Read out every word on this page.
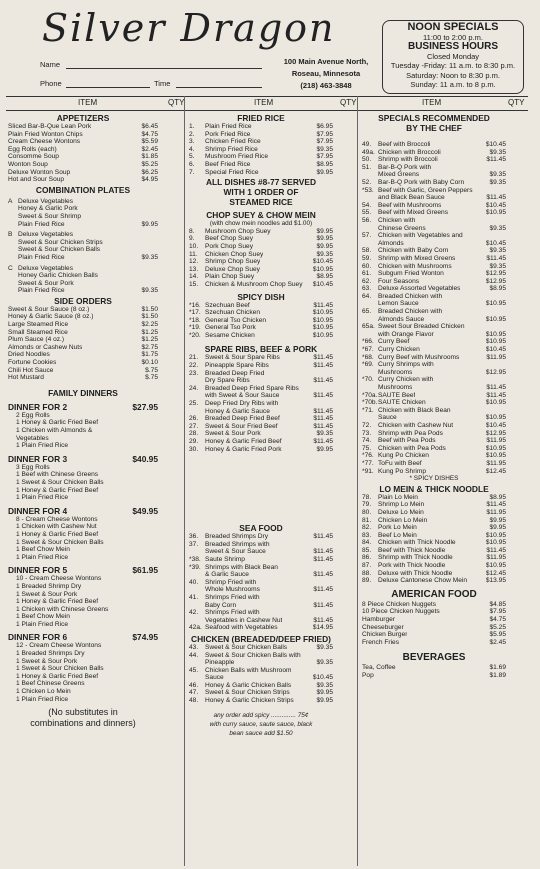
Silver Dragon
Name
Phone	Time
100 Main Avenue North,
Roseau, Minnesota
(218) 463-3848
NOON SPECIALS
11:00 to 2:00 p.m.
BUSINESS HOURS
Closed Monday
Tuesday -Friday: 11 a.m. to 8:30 p.m.
Saturday: Noon to 8:30 p.m.
Sunday: 11 a.m. to 8 p.m.
ITEM	QTY	ITEM	QTY	ITEM	QTY
APPETIZERS
Sliced Bar-B-Que Lean Pork	$6.45
Plain Fried Wonton Chips	$4.75
Cream Cheese Wontons	$5.59
Egg Rolls (each)	$2.45
Consomme Soup	$1.85
Wonton Soup	$5.25
Deluxe Wonton Soup	$6.25
Hot and Sour Soup	$4.95
COMBINATION PLATES
A Deluxe Vegetables
Honey & Garlic Pork
Sweet & Sour Shrimp
Plain Fried Rice	$9.95
B Deluxe Vegetables
Sweet & Sour Chicken Strips
Sweet & Sour Chicken Balls
Plain Fried Rice	$9.35
C Deluxe Vegetables
Honey Garlic Chicken Balls
Sweet & Sour Pork
Plain Fried Rice	$9.35
SIDE ORDERS
Sweet & Sour Sauce (8 oz.)	$1.50
Honey & Garlic Sauce (8 oz.)	$1.50
Large Steamed Rice	$2.25
Small Steamed Rice	$1.25
Plum Sauce (4 oz.)	$1.25
Almonds or Cashew Nuts	$2.75
Dried Noodles	$1.75
Fortune Cookies	$0.10
Chili Hot Sauce	$.75
Hot Mustard	$.75
FAMILY DINNERS
DINNER FOR 2	$27.95
2 Egg Rolls
1 Honey & Garlic Fried Beef
1 Chicken with Almonds &
Vegetables
1 Plain Fried Rice
DINNER FOR 3	$40.95
3 Egg Rolls
1 Beef with Chinese Greens
1 Sweet & Sour Chicken Balls
1 Honey & Garlic Fried Beef
1 Plain Fried Rice
DINNER FOR 4	$49.95
8 - Cream Cheese Wontons
1 Chicken with Cashew Nut
1 Honey & Garlic Fried Beef
1 Sweet & Sour Chicken Balls
1 Beef Chow Mein
1 Plain Fried Rice
DINNER FOR 5	$61.95
10 - Cream Cheese Wontons
1 Breaded Shrimp Dry
1 Sweet & Sour Pork
1 Honey & Garlic Fried Beef
1 Chicken with Chinese Greens
1 Beef Chow Mein
1 Plain Fried Rice
DINNER FOR 6	$74.95
12 - Cream Cheese Wontons
1 Breaded Shrimps Dry
1 Sweet & Sour Pork
1 Sweet & Sour Chicken Balls
1 Honey & Garlic Fried Beef
1 Beef Chinese Greens
1 Chicken Lo Mein
1 Plain Fried Rice
(No substitutes in
combinations and dinners)
FRIED RICE
1. Plain Fried Rice	$6.95
2. Pork Fried Rice	$7.95
3. Chicken Fried Rice	$7.95
4. Shrimp Fried Rice	$9.35
5. Mushroom Fried Rice	$7.95
6. Beef Fried Rice	$8.95
7. Special Fried Rice	$9.95
ALL DISHES #8-77 SERVED
WITH 1 ORDER OF
STEAMED RICE
CHOP SUEY & CHOW MEIN
(with chow mein noodles add $1.00)
8. Mushroom Chop Suey	$9.95
9. Beef Chop Suey	$9.95
10. Pork Chop Suey	$9.95
11. Chicken Chop Suey	$9.35
12. Shrimp Chop Suey	$10.45
13. Deluxe Chop Suey	$10.95
14. Plain Chop Suey	$8.95
15. Chicken & Mushroom Chop Suey	$10.45
SPICY DISH
*16. Szechuan Beef	$11.45
*17. Szechuan Chicken	$10.95
*18. General Tso Chicken	$10.95
*19. General Tso Pork	$10.95
*20. Sesame Chicken	$10.95
SPARE RIBS, BEEF & PORK
21. Sweet & Sour Spare Ribs	$11.45
22. Pineapple Spare Ribs	$11.45
23. Breaded Deep Fried
Dry Spare Ribs	$11.45
24. Breaded Deep Fried Spare Ribs
with Sweet & Sour Sauce	$11.45
25. Deep Fried Dry Ribs with
Honey & Garlic Sauce	$11.45
26. Breaded Deep Fried Beef	$11.45
27. Sweet & Sour Fried Beef	$11.45
28. Sweet & Sour Pork	$9.35
29. Honey & Garlic Fried Beef	$11.45
30. Honey & Garlic Fried Pork	$9.95
SEA FOOD
36. Breaded Shrimps Dry	$11.45
37. Breaded Shrimps with
Sweet & Sour Sauce	$11.45
*38. Saute Shrimp	$11.45
*39. Shrimps with Black Bean
& Garlic Sauce	$11.45
40. Shrimp Fried with
Whole Mushrooms	$11.45
41. Shrimps Fried with
Baby Corn	$11.45
42. Shrimps Fried with
Vegetables in Cashew Nut	$11.45
42a. Seafood with Vegetables	$14.95
CHICKEN (BREADED/DEEP FRIED)
43. Sweet & Sour Chicken Balls	$9.35
44. Sweet & Sour Chicken Balls with
Pineapple	$9.35
45. Chicken Balls with Mushroom
Sauce	$10.45
46. Honey & Garlic Chicken Balls	$9.35
47. Sweet & Sour Chicken Strips	$9.95
48. Honey & Garlic Chicken Strips	$9.95
any order add spicy .............. 75¢
with curry sauce, saute sauce, black
bean sauce add $1.50
SPECIALS RECOMMENDED
BY THE CHEF
49. Beef with Broccoli	$10.45
49a. Chicken with Broccoli	$9.35
50. Shrimp with Broccoli	$11.45
51. Bar-B-Q Pork with
Mixed Greens	$9.35
52. Bar-B-Q Pork with Baby Corn	$9.35
*53. Beef with Garlic, Green Peppers
and Black Bean Sauce	$11.45
54. Beef with Mushrooms	$10.45
55. Beef with Mixed Greens	$10.95
56. Chicken with
Chinese Greens	$9.35
57. Chicken with Vegetables and
Almonds	$10.45
58. Chicken with Baby Corn	$9.35
59. Shrimp with Mixed Greens	$11.45
60. Chicken with Mushrooms	$9.35
61. Subgum Fried Wonton	$12.95
62. Four Seasons	$12.95
63. Deluxe Assorted Vegetables	$8.95
64. Breaded Chicken with
Lemon Sauce	$10.95
65. Breaded Chicken with
Almonds Sauce	$10.95
65a. Sweet Sour Breaded Chicken
with Orange Flavor	$10.95
*66. Curry Beef	$10.95
*67. Curry Chicken	$10.45
*68. Curry Beef with Mushrooms	$11.95
*69. Curry Shrimps with
Mushrooms	$12.95
*70. Curry Chicken with
Mushrooms	$11.45
*70a.SAUTE Beef	$11.45
*70b.SAUTE Chicken	$10.95
*71. Chicken with Black Bean
Sauce	$10.95
72. Chicken with Cashew Nut	$10.45
73. Shrimp with Pea Pods	$12.95
74. Beef with Pea Pods	$11.95
75. Chicken with Pea Pods	$10.95
*76. Kung Po Chicken	$10.95
*77. ToFu with Beef	$11.95
*91. Kung Po Shrimp	$12.45
* SPICY DISHES
LO MEIN & THICK NOODLE
78. Plain Lo Mein	$8.95
79. Shrimp Lo Mein	$11.45
80. Deluxe Lo Mein	$11.95
81. Chicken Lo Mein	$9.95
82. Pork Lo Mein	$9.95
83. Beef Lo Mein	$10.95
84. Chicken with Thick Noodle	$10.95
85. Beef with Thick Noodle	$11.45
86. Shrimp with Thick Noodle	$11.95
87. Pork with Thick Noodle	$10.95
88. Deluxe with Thick Noodle	$12.45
89. Deluxe Cantonese Chow Mein	$13.95
AMERICAN FOOD
8 Piece Chicken Nuggets	$4.85
10 Piece Chicken Nuggets	$7.95
Hamburger	$4.75
Cheeseburger	$5.25
Chicken Burger	$5.95
French Fries	$2.45
BEVERAGES
Tea, Coffee	$1.69
Pop	$1.89
